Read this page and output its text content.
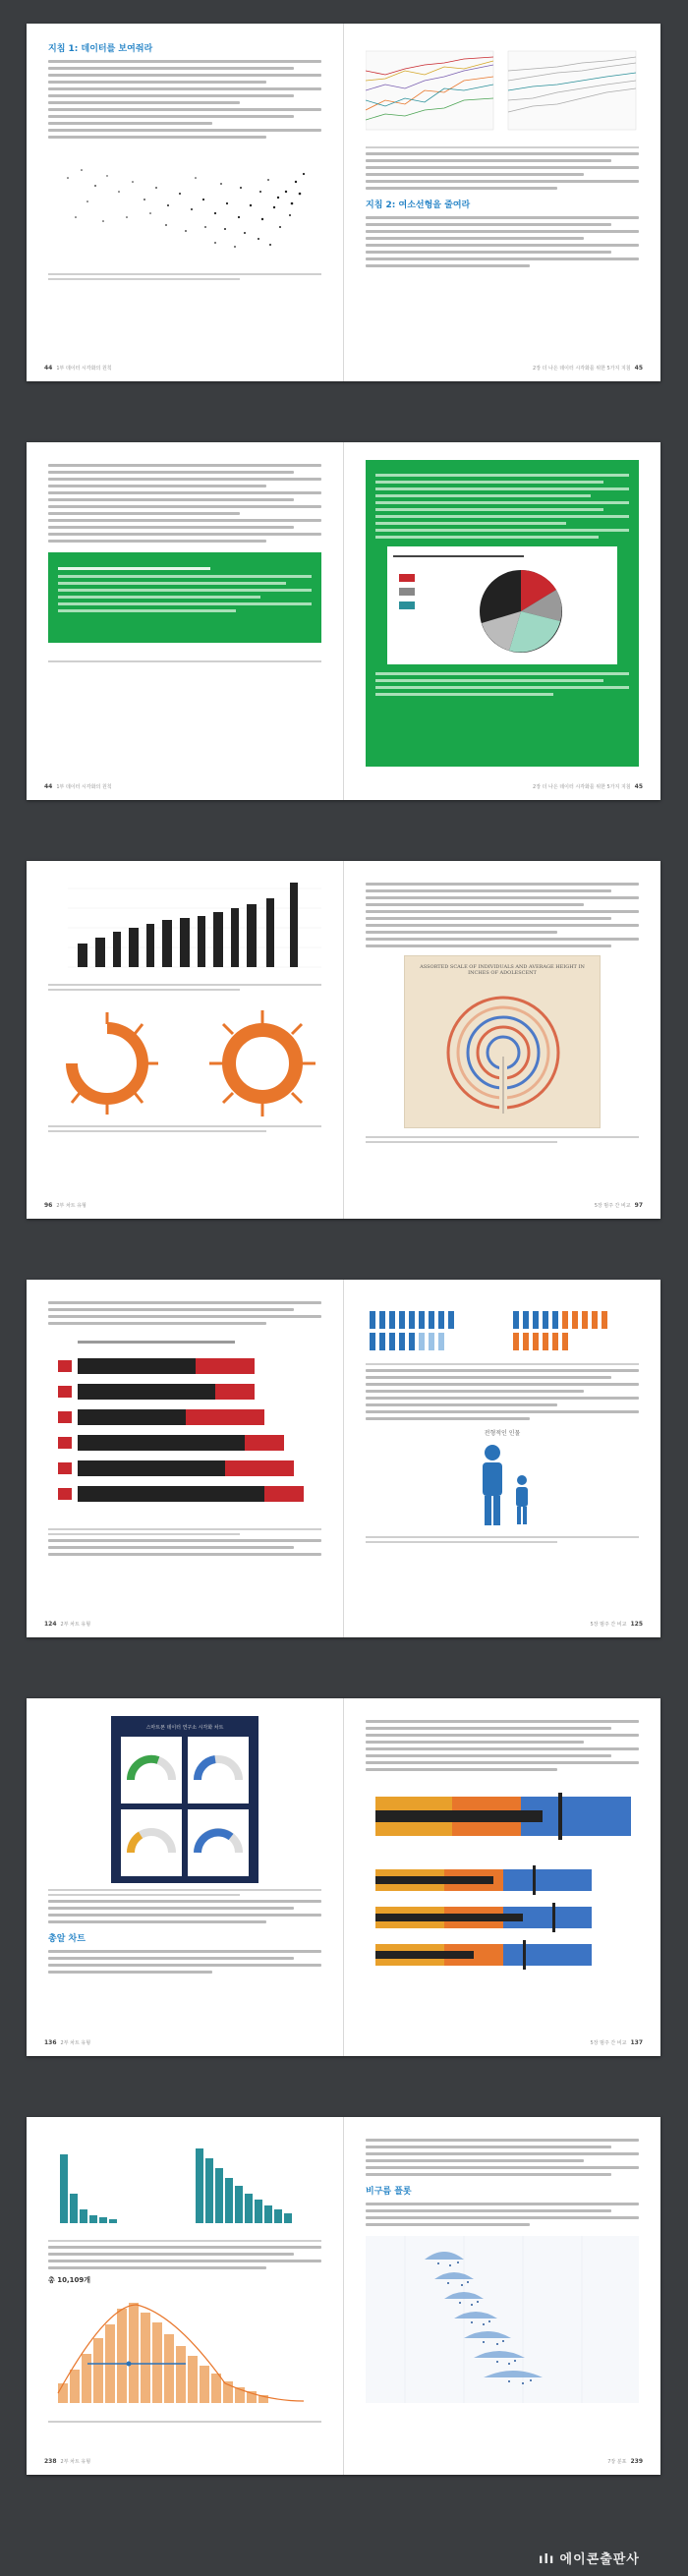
지침 1: 데이터를 보여줘라
지침 2: 여소선형을 줄여라
44 1부 데이터 시각화의 원칙	2장 더 나은 데이터 시각화를 위한 5가지 지침 45
44 1부 데이터 시각화의 원칙	2장 더 나은 데이터 시각화를 위한 5가지 지침 45
ASSORTED SCALE OF INDIVIDUALS AND AVERAGE HEIGHT IN INCHES OF ADOLESCENT
96 2부 차트 유형	5장 범주 간 비교 97
전형적인 인물
124 2부 차트 유형	5장 범주 간 비교 125
스마트폰 데이터 연구소 시각화 차트
총알 차트

136 2부 차트 유형	5장 범주 간 비교 137
총 10,109개
비구름 플롯
238 2부 차트 유형	7장 분포 239
ılı 에이콘출판사
